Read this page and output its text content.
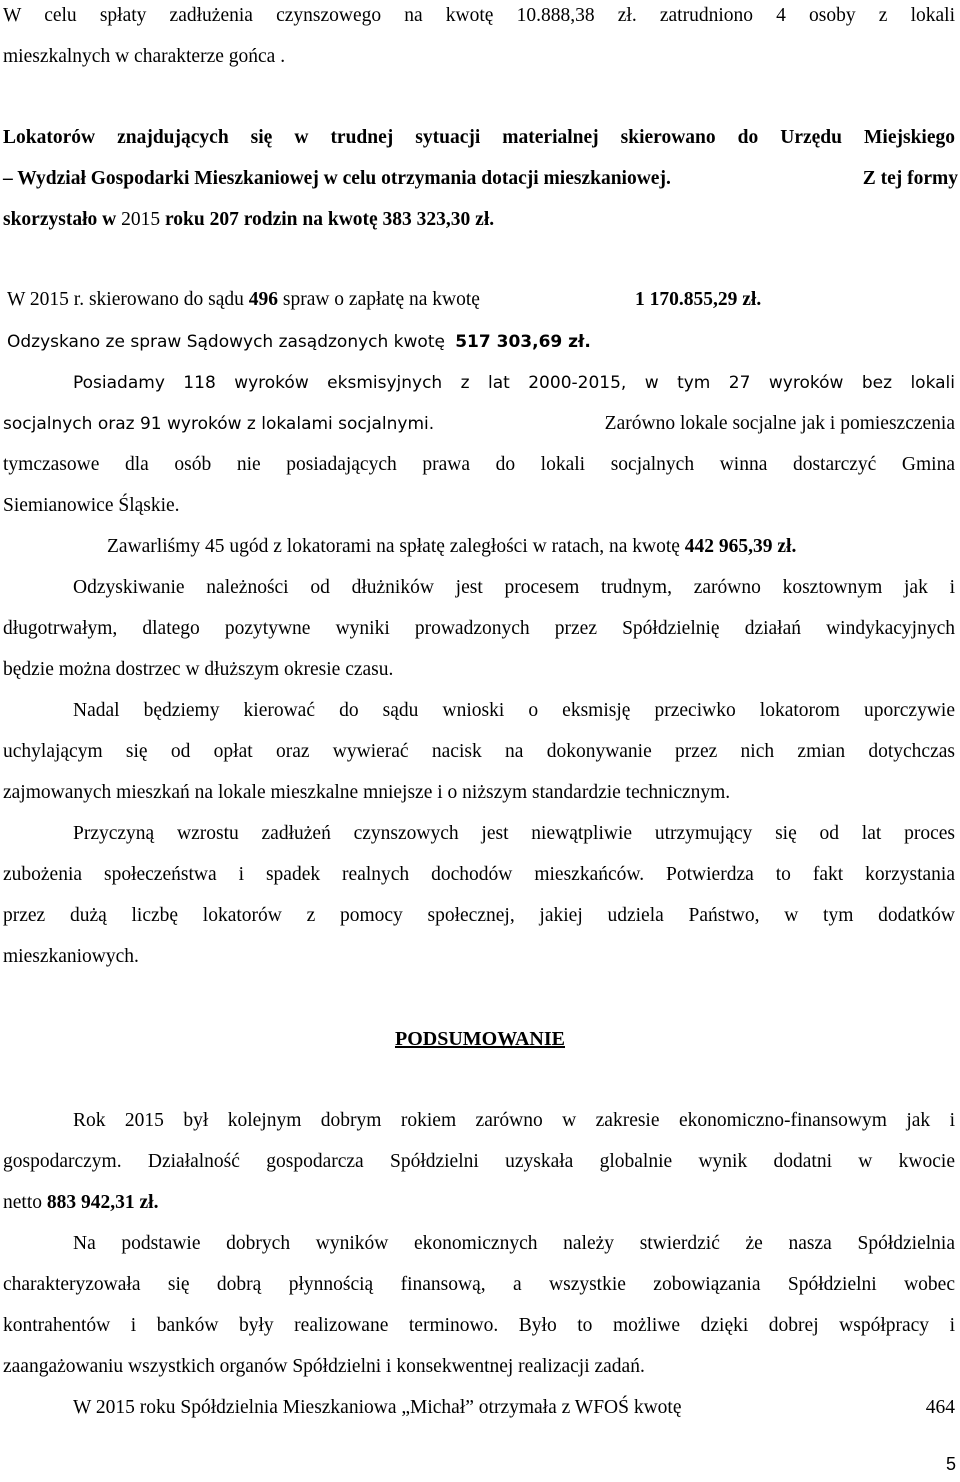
W celu spłaty zadłużenia czynszowego na kwotę 10.888,38 zł. zatrudniono 4 osoby z lokali
mieszkalnych w charakterze gońca .
Lokatorów znajdujących się w trudnej sytuacji materialnej skierowano do Urzędu Miejskiego
– Wydział Gospodarki Mieszkaniowej w celu otrzymania dotacji mieszkaniowej.	Z tej formy
skorzystało w 2015 roku 207 rodzin na kwotę 383 323,30 zł.
W 2015 r. skierowano do sądu 496 spraw o zapłatę na kwotę	1 170.855,29 zł.
Odzyskano ze spraw Sądowych zasądzonych kwotę 517 303,69 zł.
Posiadamy 118 wyroków eksmisyjnych z lat 2000-2015, w tym 27 wyroków bez lokali
socjalnych oraz 91 wyroków z lokalami socjalnymi.	Zarówno lokale socjalne jak i pomieszczenia
tymczasowe dla osób nie posiadających prawa do lokali socjalnych winna dostarczyć Gmina
Siemianowice Śląskie.
Zawarliśmy 45 ugód z lokatorami na spłatę zaległości w ratach, na kwotę 442 965,39 zł.
Odzyskiwanie należności od dłużników jest procesem trudnym, zarówno kosztownym jak i
długotrwałym, dlatego pozytywne wyniki prowadzonych przez Spółdzielnię działań windykacyjnych
będzie można dostrzec w dłuższym okresie czasu.
Nadal będziemy kierować do sądu wnioski o eksmisję przeciwko lokatorom uporczywie
uchylającym się od opłat oraz wywierać nacisk na dokonywanie przez nich zmian dotychczas
zajmowanych mieszkań na lokale mieszkalne mniejsze i o niższym standardzie technicznym.
Przyczyną wzrostu zadłużeń czynszowych jest niewątpliwie utrzymujący się od lat proces
zubożenia społeczeństwa i spadek realnych dochodów mieszkańców. Potwierdza to fakt korzystania
przez dużą liczbę lokatorów z pomocy społecznej, jakiej udziela Państwo, w tym dodatków
mieszkaniowych.
PODSUMOWANIE
Rok 2015 był kolejnym dobrym rokiem zarówno w zakresie ekonomiczno-finansowym jak i
gospodarczym. Działalność gospodarcza Spółdzielni uzyskała globalnie wynik dodatni w kwocie
netto 883 942,31 zł.
Na podstawie dobrych wyników ekonomicznych należy stwierdzić że nasza Spółdzielnia
charakteryzowała się dobrą płynnością finansową, a wszystkie zobowiązania Spółdzielni wobec
kontrahentów i banków były realizowane terminowo. Było to możliwe dzięki dobrej współpracy i
zaangażowaniu wszystkich organów Spółdzielni i konsekwentnej realizacji zadań.
W 2015 roku Spółdzielnia Mieszkaniowa „Michał” otrzymała z WFOŚ kwotę	464
5
